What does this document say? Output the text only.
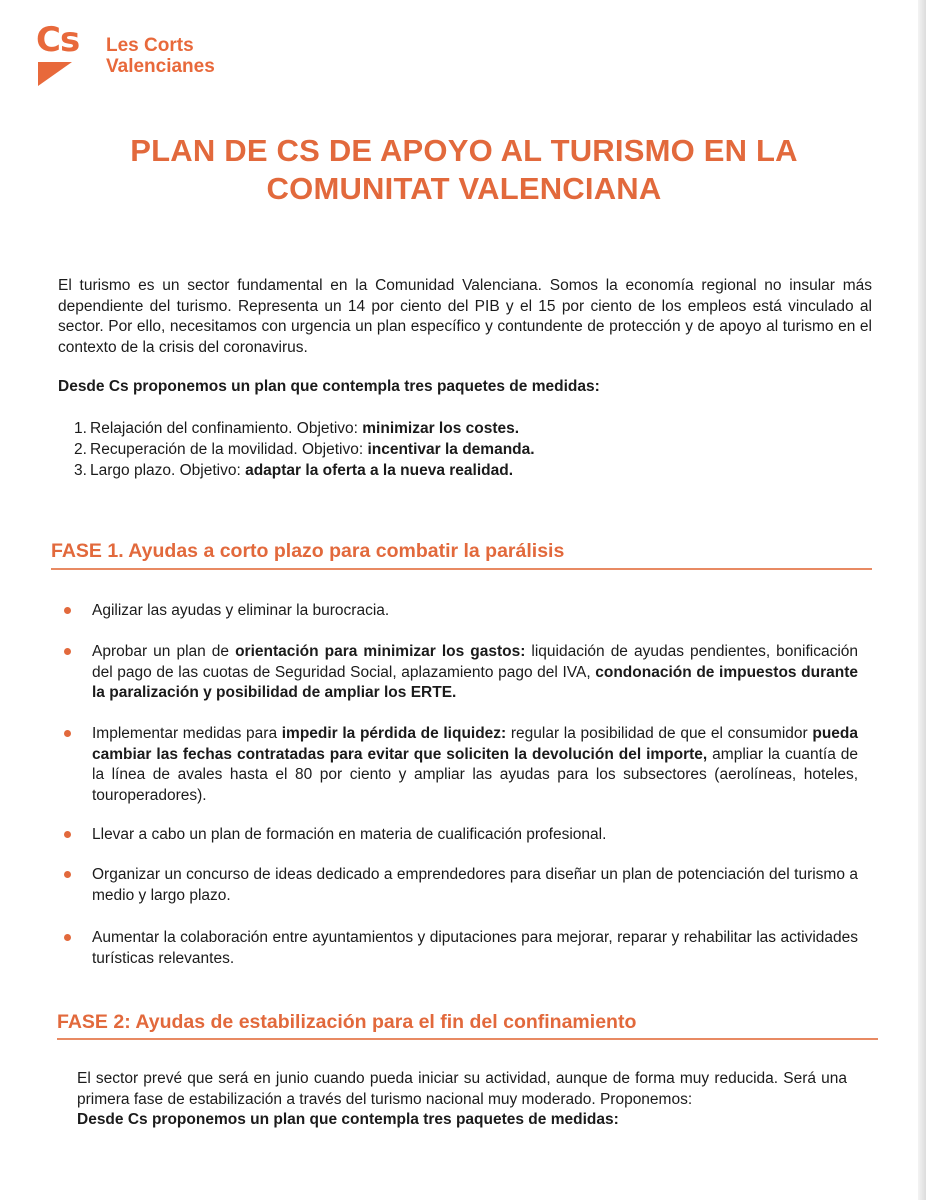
Cs Les Corts
Valencianes
PLAN DE CS DE APOYO AL TURISMO EN LA
COMUNITAT VALENCIANA
El turismo es un sector fundamental en la Comunidad Valenciana. Somos la economía regional no insular más dependiente del turismo. Representa un 14 por ciento del PIB y el 15 por ciento de los empleos está vinculado al sector. Por ello, necesitamos con urgencia un plan específico y contundente de protección y de apoyo al turismo en el contexto de la crisis del coronavirus.
Desde Cs proponemos un plan que contempla tres paquetes de medidas:
1. Relajación del confinamiento. Objetivo: minimizar los costes.
2. Recuperación de la movilidad. Objetivo: incentivar la demanda.
3. Largo plazo. Objetivo: adaptar la oferta a la nueva realidad.
FASE 1. Ayudas a corto plazo para combatir la parálisis
Agilizar las ayudas y eliminar la burocracia.
Aprobar un plan de orientación para minimizar los gastos: liquidación de ayudas pendientes, bonificación del pago de las cuotas de Seguridad Social, aplazamiento pago del IVA, condonación de impuestos durante la paralización y posibilidad de ampliar los ERTE.
Implementar medidas para impedir la pérdida de liquidez: regular la posibilidad de que el consumidor pueda cambiar las fechas contratadas para evitar que soliciten la devolución del importe, ampliar la cuantía de la línea de avales hasta el 80 por ciento y ampliar las ayudas para los subsectores (aerolíneas, hoteles, touroperadores).
Llevar a cabo un plan de formación en materia de cualificación profesional.
Organizar un concurso de ideas dedicado a emprendedores para diseñar un plan de potenciación del turismo a medio y largo plazo.
Aumentar la colaboración entre ayuntamientos y diputaciones para mejorar, reparar y rehabilitar las actividades turísticas relevantes.
FASE 2: Ayudas de estabilización para el fin del confinamiento
El sector prevé que será en junio cuando pueda iniciar su actividad, aunque de forma muy reducida. Será una primera fase de estabilización a través del turismo nacional muy moderado. Proponemos:
Desde Cs proponemos un plan que contempla tres paquetes de medidas:
